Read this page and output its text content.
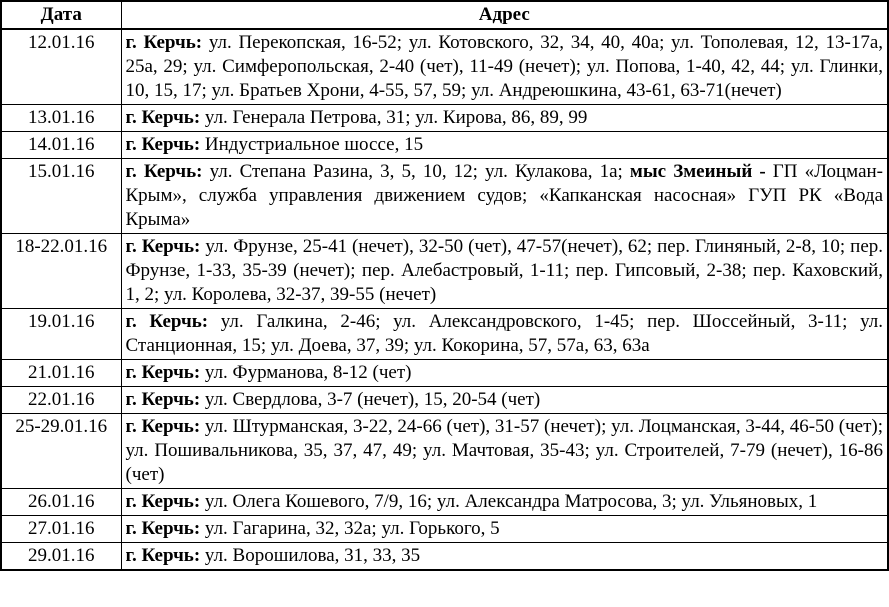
Дата	Адрес
12.01.16	г. Керчь: ул. Перекопская, 16-52; ул. Котовского, 32, 34, 40, 40а; ул. Тополевая, 12, 13-17а, 25а, 29; ул. Симферопольская, 2-40 (чет), 11-49 (нечет); ул. Попова, 1-40, 42, 44; ул. Глинки, 10, 15, 17; ул. Братьев Хрони, 4-55, 57, 59; ул. Андреюшкина, 43-61, 63-71(нечет)
13.01.16	г. Керчь: ул. Генерала Петрова, 31; ул. Кирова, 86, 89, 99
14.01.16	г. Керчь: Индустриальное шоссе, 15
15.01.16	г. Керчь: ул. Степана Разина, 3, 5, 10, 12; ул. Кулакова, 1а; мыс Змеиный - ГП «Лоцман-Крым», служба управления движением судов; «Капканская насосная» ГУП РК «Вода Крыма»
18-22.01.16	г. Керчь: ул. Фрунзе, 25-41 (нечет), 32-50 (чет), 47-57(нечет), 62; пер. Глиняный, 2-8, 10; пер. Фрунзе, 1-33, 35-39 (нечет); пер. Алебастровый, 1-11; пер. Гипсовый, 2-38; пер. Каховский, 1, 2; ул. Королева, 32-37, 39-55 (нечет)
19.01.16	г. Керчь: ул. Галкина, 2-46; ул. Александровского, 1-45; пер. Шоссейный, 3-11; ул. Станционная, 15; ул. Доева, 37, 39; ул. Кокорина, 57, 57а, 63, 63а
21.01.16	г. Керчь: ул. Фурманова, 8-12 (чет)
22.01.16	г. Керчь: ул. Свердлова, 3-7 (нечет), 15, 20-54 (чет)
25-29.01.16	г. Керчь: ул. Штурманская, 3-22, 24-66 (чет), 31-57 (нечет); ул. Лоцманская, 3-44, 46-50 (чет); ул. Пошивальникова, 35, 37, 47, 49; ул. Мачтовая, 35-43; ул. Строителей, 7-79 (нечет), 16-86 (чет)
26.01.16	г. Керчь: ул. Олега Кошевого, 7/9, 16; ул. Александра Матросова, 3; ул. Ульяновых, 1
27.01.16	г. Керчь: ул. Гагарина, 32, 32а; ул. Горького, 5
29.01.16	г. Керчь: ул. Ворошилова, 31, 33, 35
